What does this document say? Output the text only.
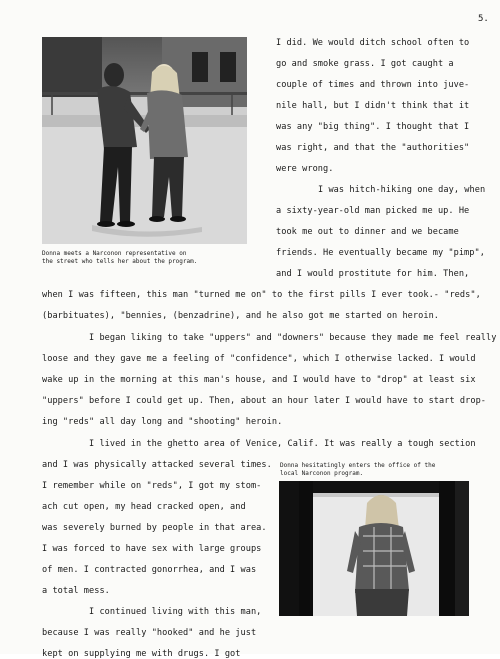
5.
Donna meets a Narconon representative on
the street who tells her about the program.
I did. We would ditch school often to
go and smoke grass. I got caught a
couple of times and thrown into juve-
nile hall, but I didn't think that it
was any "big thing". I thought that I
was right, and that the "authorities"
were wrong.
I was hitch-hiking one day, when
a sixty-year-old man picked me up. He
took me out to dinner and we became
friends. He eventually became my "pimp",
and I would prostitute for him. Then,
when I was fifteen, this man "turned me on" to the first pills I ever took.- "reds",
(barbituates), "bennies, (benzadrine), and he also got me started on heroin.
I began liking to take "uppers" and "downers" because they made me feel really
loose and they gave me a feeling of "confidence", which I otherwise lacked. I would
wake up in the morning at this man's house, and I would have to "drop" at least six
"uppers" before I could get up. Then, about an hour later I would have to start drop-
ing "reds" all day long and "shooting" heroin.
I lived in the ghetto area of Venice, Calif. It was really a tough section
and I was physically attacked several times.
I remember while on "reds", I got my stom-
ach cut open, my head cracked open, and
was severely burned by people in that area.
I was forced to have sex with large groups
of men. I contracted gonorrhea, and I was
a total mess.
I continued living with this man,
because I was really "hooked" and he just
kept on supplying me with drugs. I got
Donna hesitatingly enters the office of the
local Narconon program.
